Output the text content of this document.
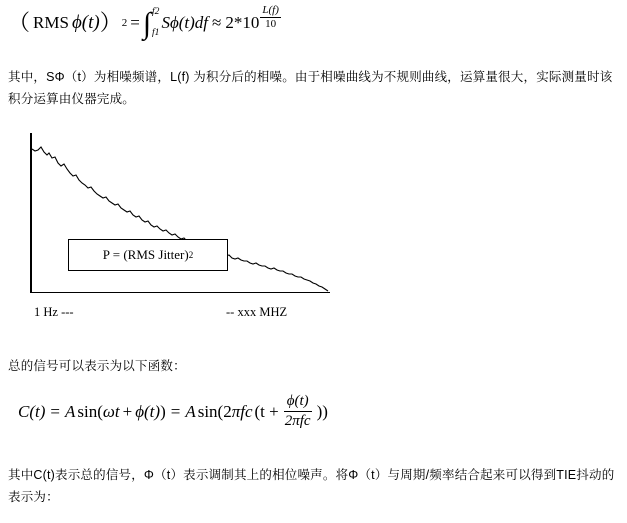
（ RMS ϕ(t) ） 2 = ∫ f2
f1
$S\phi(t)df \approx 2*10 \frac{L(f)}{10}$
其中，SΦ（t）为相噪频谱，L(f) 为积分后的相噪。由于相噪曲线为不规则曲线，运算量很大，实际测量时该积分运算由仪器完成。
P = (RMS Jitter) 2
1 Hz ---	-- xxx MHZ
总的信号可以表示为以下函数：
C(t) = A sin( ωt + ϕ(t) ) = A sin(2 πfc ($t + \frac{\phi(t)}{\text{2πfc}}$ ))
其中C(t)表示总的信号，Φ（t）表示调制其上的相位噪声。将Φ（t）与周期/频率结合起来可以得到TIE抖动的表示为：
